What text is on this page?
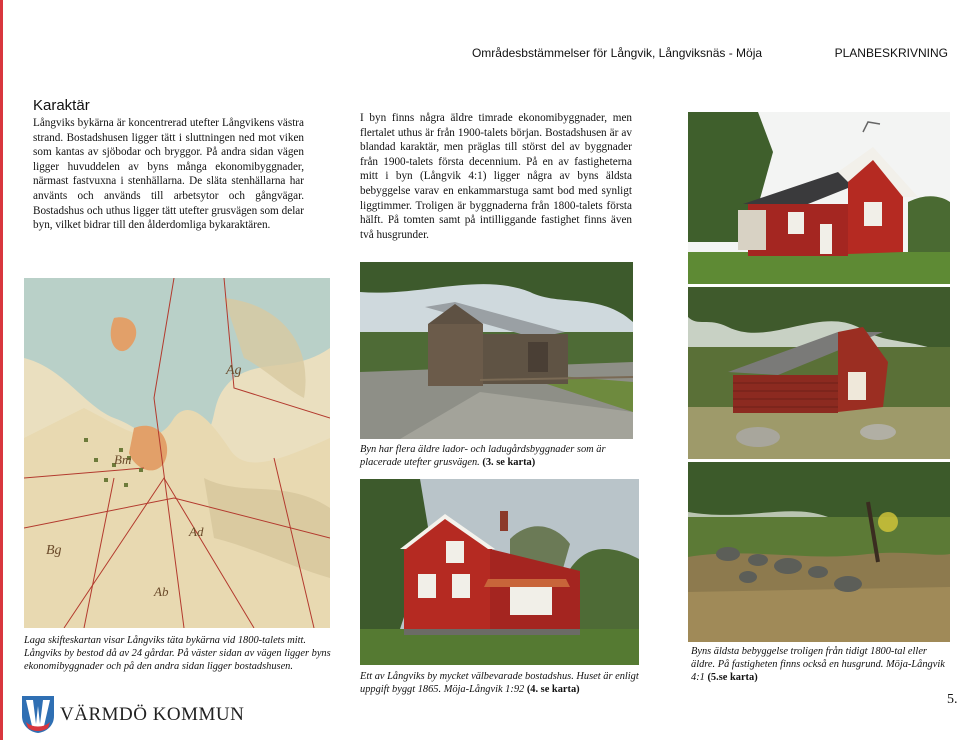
Områdesbstämmelser för Långvik, Långviksnäs - Möja	PLANBESKRIVNING
Karaktär
Långviks bykärna är koncentrerad utefter Långvikens västra strand. Bostadshusen ligger tätt i sluttningen ned mot viken som kantas av sjöbodar och bryggor. På andra sidan vägen ligger huvuddelen av byns många ekonomibyggnader, närmast fastvuxna i stenhällarna. De släta stenhällarna har använts och används till arbetsytor och gångvägar. Bostadshus och uthus ligger tätt utefter grusvägen som delar byn, vilket bidrar till den ålderdomliga bykaraktären.
I byn finns några äldre timrade ekonomibyggnader, men flertalet uthus är från 1900-talets början. Bostadshusen är av blandad karaktär, men präglas till störst del av byggnader från 1900-talets första decennium. På en av fastigheterna mitt i byn (Långvik 4:1) ligger några av byns äldsta bebyggelse varav en enkammarstuga samt bod med synligt liggtimmer. Troligen är byggnaderna från 1800-talets första hälft. På tomten samt på intilliggande fastighet finns även två husgrunder.
Ag
Bm
Ad
Bg
Ab
Laga skifteskartan visar Långviks täta bykärna vid 1800-talets mitt. Långviks by bestod då av 24 gårdar. På väster sidan av vägen ligger byns ekonomibyggnader och på den andra sidan ligger bostadshusen.
Byn har flera äldre lador- och ladugårdsbyggnader som är placerade utefter grusvägen. (3. se karta)
Ett av Långviks by mycket välbevarade bostadshus. Huset är enligt uppgift byggt 1865. Möja-Långvik 1:92 (4. se karta)
Byns äldsta bebyggelse troligen från tidigt 1800-tal eller äldre. På fastigheten finns också en husgrund. Möja-Långvik 4:1 (5.se karta)
VÄRMDÖ KOMMUN
5.
